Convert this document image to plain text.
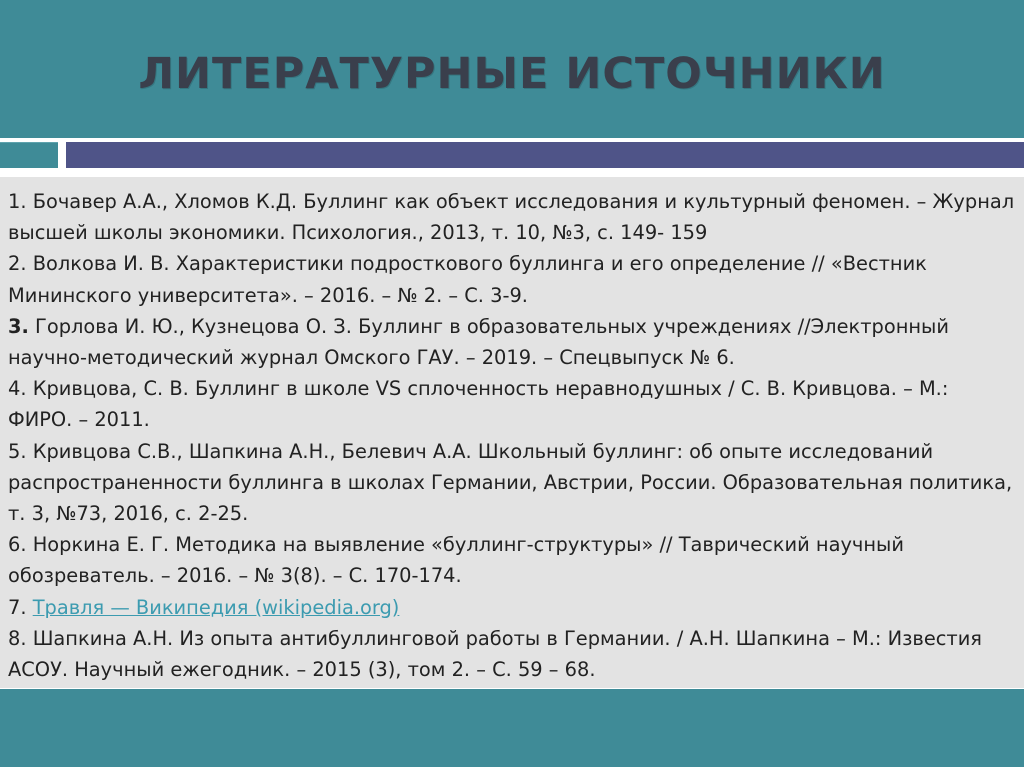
ЛИТЕРАТУРНЫЕ ИСТОЧНИКИ
1. Бочавер А.А., Хломов К.Д. Буллинг как объект исследования и культурный феномен. – Журнал высшей школы экономики. Психология., 2013, т. 10, №3, с. 149- 159
2. Волкова И. В. Характеристики подросткового буллинга и его определение // «Вестник Мининского университета». – 2016. – № 2. – С. 3-9.
3. Горлова И. Ю., Кузнецова О. З. Буллинг в образовательных учреждениях //Электронный научно-методический журнал Омского ГАУ. – 2019. – Спецвыпуск № 6.
4. Кривцова, С. В. Буллинг в школе VS сплоченность неравнодушных / С. В. Кривцова. – М.: ФИРО. – 2011.
5. Кривцова С.В., Шапкина А.Н., Белевич А.А. Школьный буллинг: об опыте исследований распространенности буллинга в школах Германии, Австрии, России. Образовательная политика, т. 3, №73, 2016, с. 2-25.
6. Норкина Е. Г. Методика на выявление «буллинг-структуры» // Таврический научный обозреватель. – 2016. – № 3(8). – С. 170-174.
7. Травля — Википедия (wikipedia.org)
8. Шапкина А.Н. Из опыта антибуллинговой работы в Германии. / А.Н. Шапкина – М.: Известия АСОУ. Научный ежегодник. – 2015 (3), том 2. – С. 59 – 68.
